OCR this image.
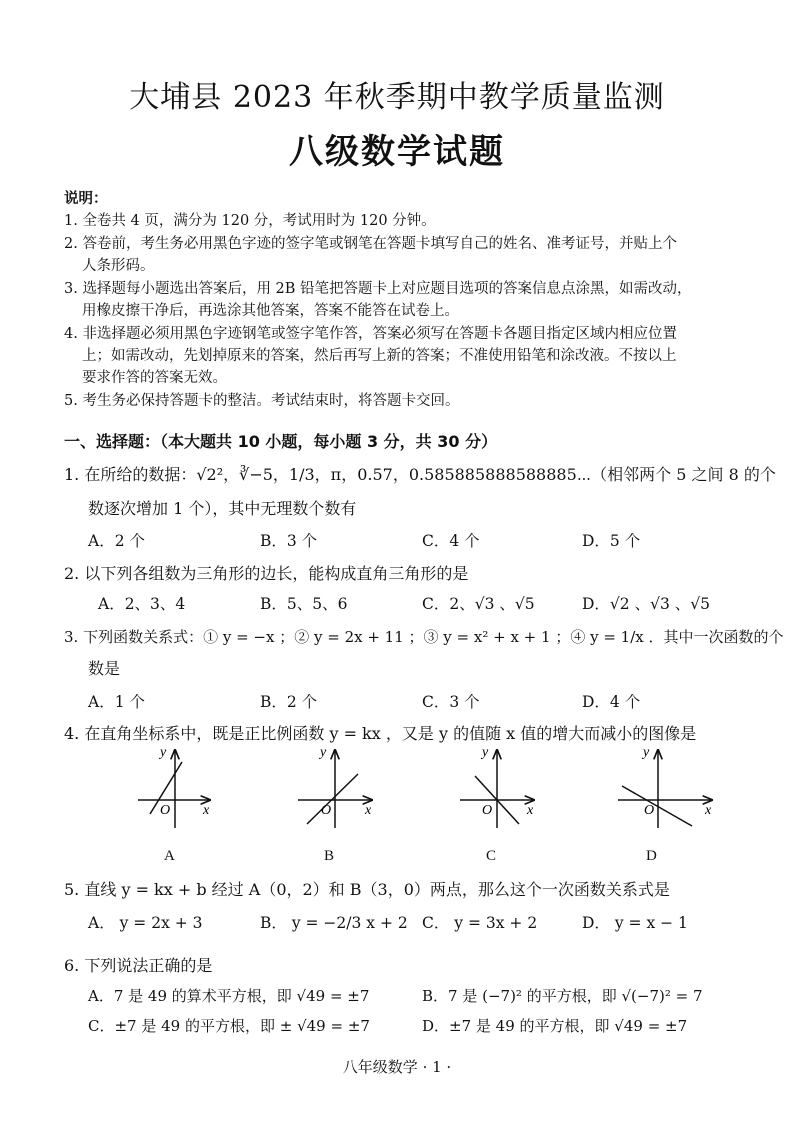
大埔县 2023 年秋季期中教学质量监测
八级数学试题
说明：
1. 全卷共 4 页，满分为 120 分，考试用时为 120 分钟。
2. 答卷前，考生务必用黑色字迹的签字笔或钢笔在答题卡填写自己的姓名、准考证号，并贴上个
人条形码。
3. 选择题每小题选出答案后，用 2B 铅笔把答题卡上对应题目选项的答案信息点涂黑，如需改动，
用橡皮擦干净后，再选涂其他答案，答案不能答在试卷上。
4. 非选择题必须用黑色字迹钢笔或签字笔作答，答案必须写在答题卡各题目指定区域内相应位置
上；如需改动，先划掉原来的答案，然后再写上新的答案；不准使用铅笔和涂改液。不按以上
要求作答的答案无效。
5. 考生务必保持答题卡的整洁。考试结束时，将答题卡交回。
一、选择题：（本大题共 10 小题，每小题 3 分，共 30 分）
1. 在所给的数据：√2²，∛−5，1/3，π，0.57，0.585885888588885⋯（相邻两个 5 之间 8 的个
数逐次增加 1 个），其中无理数个数有
A．2 个	B．3 个	C．4 个	D．5 个
2. 以下列各组数为三角形的边长，能构成直角三角形的是
A．2、3、4	B．5、5、6	C．2、√3 、√5	D．√2 、√3 、√5
3. 下列函数关系式：① y = −x ；② y = 2x + 11 ；③ y = x² + x + 1 ；④ y = 1/x ．其中一次函数的个
数是
A．1 个	B．2 个	C．3 个	D．4 个
4. 在直角坐标系中，既是正比例函数 y = kx ，又是 y 的值随 x 值的增大而减小的图像是
y
O x
y
O x
y
O x
y
O	x
A	B	C	D
5. 直线 y = kx + b 经过 A（0，2）和 B（3，0）两点，那么这个一次函数关系式是
A． y = 2x + 3	B． y = −2/3 x + 2 C． y = 3x + 2	D． y = x − 1
6. 下列说法正确的是
A．7 是 49 的算术平方根，即 √49 = ±7	B．7 是 (−7)² 的平方根，即 √(−7)² = 7
C．±7 是 49 的平方根，即 ± √49 = ±7	D．±7 是 49 的平方根，即 √49 = ±7
八年级数学 · 1 ·
